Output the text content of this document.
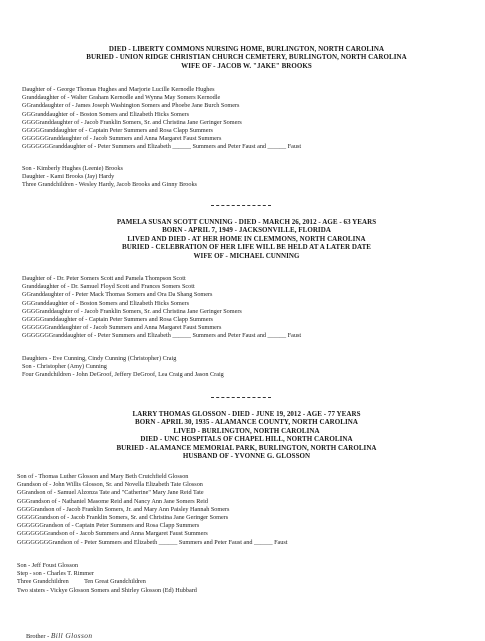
DIED - LIBERTY COMMONS NURSING HOME, BURLINGTON, NORTH CAROLINA
BURIED - UNION RIDGE CHRISTIAN CHURCH CEMETERY, BURLINGTON, NORTH CAROLINA
WIFE OF - JACOB W. "JAKE" BROOKS
Daughter of - George Thomas Hughes and Marjorie Lucille Kernodle Hughes
Granddaughter of - Walter Graham Kernodle and Wynna May Somers Kernodle
GGranddaughter of - James Joseph Washington Somers and Phoebe Jane Burch Somers
GGGranddaughter of - Boston Somers and Elizabeth Hicks Somers
GGGGranddaughter of - Jacob Franklin Somers, Sr. and Christina Jane Geringer Somers
GGGGGranddaughter of - Captain Peter Summers and Rosa Clapp Summers
GGGGGGranddaughter of - Jacob Summers and Anna Margaret Faust Summers
GGGGGGGranddaughter of - Peter Summers and Elizabeth ______ Summers and Peter Faust and ______ Faust
Son - Kimberly Hughes (Leenie) Brooks
Daughter - Kami Brooks (Jay) Hardy
Three Grandchildren - Wesley Hardy, Jacob Brooks and Ginny Brooks
PAMELA SUSAN SCOTT CUNNING - DIED - MARCH 26, 2012 - AGE - 63 YEARS
BORN - APRIL 7, 1949 - JACKSONVILLE, FLORIDA
LIVED AND DIED - AT HER HOME IN CLEMMONS, NORTH CAROLINA
BURIED - CELEBRATION OF HER LIFE WILL BE HELD AT A LATER DATE
WIFE OF - MICHAEL CUNNING
Daughter of - Dr. Peter Somers Scott and Pamela Thompson Scott
Granddaughter of - Dr. Samuel Floyd Scott and Frances Somers Scott
GGranddaughter of - Peter Mack Thomas Somers and Ora Da Shang Somers
GGGranddaughter of - Boston Somers and Elizabeth Hicks Somers
GGGGranddaughter of - Jacob Franklin Somers, Sr. and Christina Jane Geringer Somers
GGGGGranddaughter of - Captain Peter Summers and Rosa Clapp Summers
GGGGGGranddaughter of - Jacob Summers and Anna Margaret Faust Summers
GGGGGGGranddaughter of - Peter Summers and Elizabeth ______ Summers and Peter Faust and ______ Faust
Daughters - Eve Cunning, Cindy Cunning (Christopher) Craig
Son - Christopher (Amy) Cunning
Four Grandchildren - John DeGroof, Jeffery DeGroof, Lea Craig and Jason Craig
LARRY THOMAS GLOSSON - DIED - JUNE 19, 2012 - AGE - 77 YEARS
BORN - APRIL 30, 1935 - ALAMANCE COUNTY, NORTH CAROLINA
LIVED - BURLINGTON, NORTH CAROLINA
DIED - UNC HOSPITALS OF CHAPEL HILL, NORTH CAROLINA
BURIED - ALAMANCE MEMORIAL PARK, BURLINGTON, NORTH CAROLINA
HUSBAND OF - YVONNE G. GLOSSON
Son of - Thomas Luther Glosson and Mary Beth Crutchfield Glosson
Grandson of - John Willis Glosson, Sr. and Novella Elizabeth Tate Glosson
GGrandson of - Samuel Alzonza Tate and "Catherine" Mary Jane Reid Tate
GGGrandson of - Nathaniel Masome Reid and Nancy Ann Jane Somers Reid
GGGGrandson of - Jacob Franklin Somers, Jr. and Mary Ann Paisley Hannah Somers
GGGGGrandson of - Jacob Franklin Somers, Sr. and Christina Jane Geringer Somers
GGGGGGrandson of - Captain Peter Summers and Rosa Clapp Summers
GGGGGGGrandson of - Jacob Summers and Anna Margaret Faust Summers
GGGGGGGGrandson of - Peter Summers and Elizabeth ______ Summers and Peter Faust and ______ Faust
Son - Jeff Foust Glosson
Step - son - Charles T. Rimmer
Three Grandchildren          Ten Great Grandchildren
Two sisters - Vickye Glosson Somers and Shirley Glosson (Ed) Hubbard
Brother - Bill Glosson
